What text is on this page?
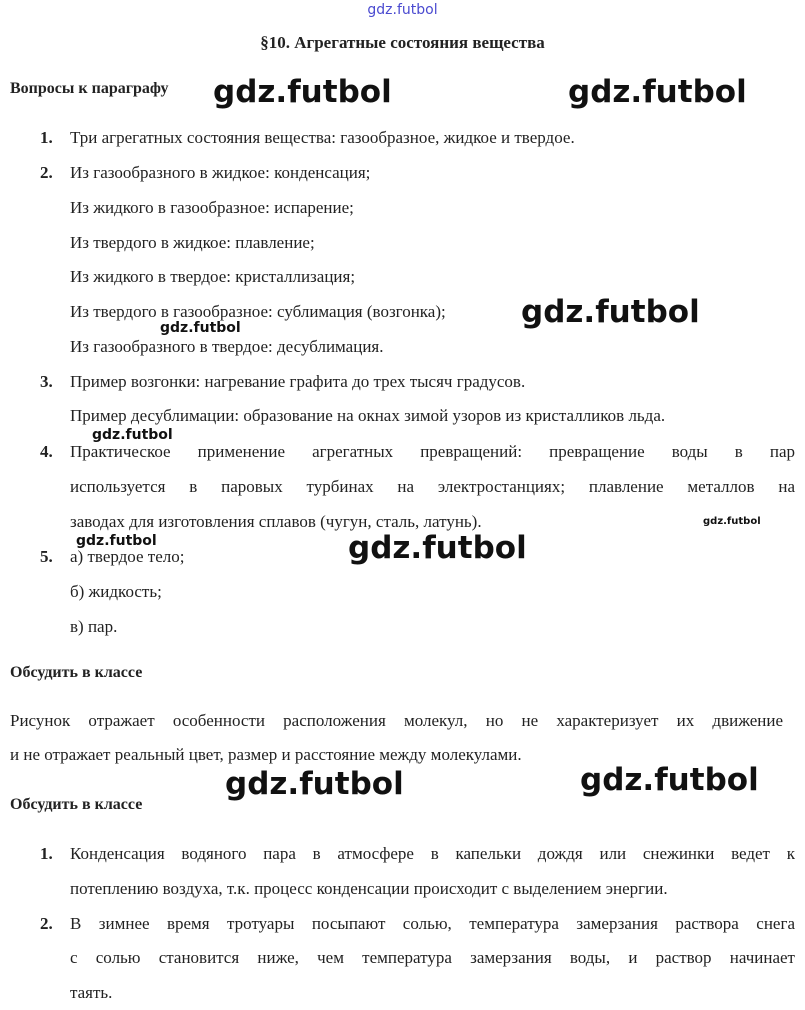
gdz.futbol
gdz.futbol	gdz.futbol
gdz.futbol
gdz.futbol
gdz.futbol
gdz.futbol
gdz.futbol	gdz.futbol
gdz.futbol	gdz.futbol
§10. Агрегатные состояния вещества
Вопросы к параграфу
1. Три агрегатных состояния вещества: газообразное, жидкое и твердое.
2. Из газообразного в жидкое: конденсация;
Из жидкого в газообразное: испарение;
Из твердого в жидкое: плавление;
Из жидкого в твердое: кристаллизация;
Из твердого в газообразное: сублимация (возгонка);
Из газообразного в твердое: десублимация.
3. Пример возгонки: нагревание графита до трех тысяч градусов.
Пример десублимации: образование на окнах зимой узоров из кристалликов льда.
4. Практическое применение агрегатных превращений: превращение воды в пар
используется в паровых турбинах на электростанциях; плавление металлов на
заводах для изготовления сплавов (чугун, сталь, латунь).
5. а) твердое тело;
б) жидкость;
в) пар.
Обсудить в классе
Рисунок отражает особенности расположения молекул, но не характеризует их движение
и не отражает реальный цвет, размер и расстояние между молекулами.
Обсудить в классе
1. Конденсация водяного пара в атмосфере в капельки дождя или снежинки ведет к
потеплению воздуха, т.к. процесс конденсации происходит с выделением энергии.
2. В зимнее время тротуары посыпают солью, температура замерзания раствора снега
с солью становится ниже, чем температура замерзания воды, и раствор начинает
таять.
